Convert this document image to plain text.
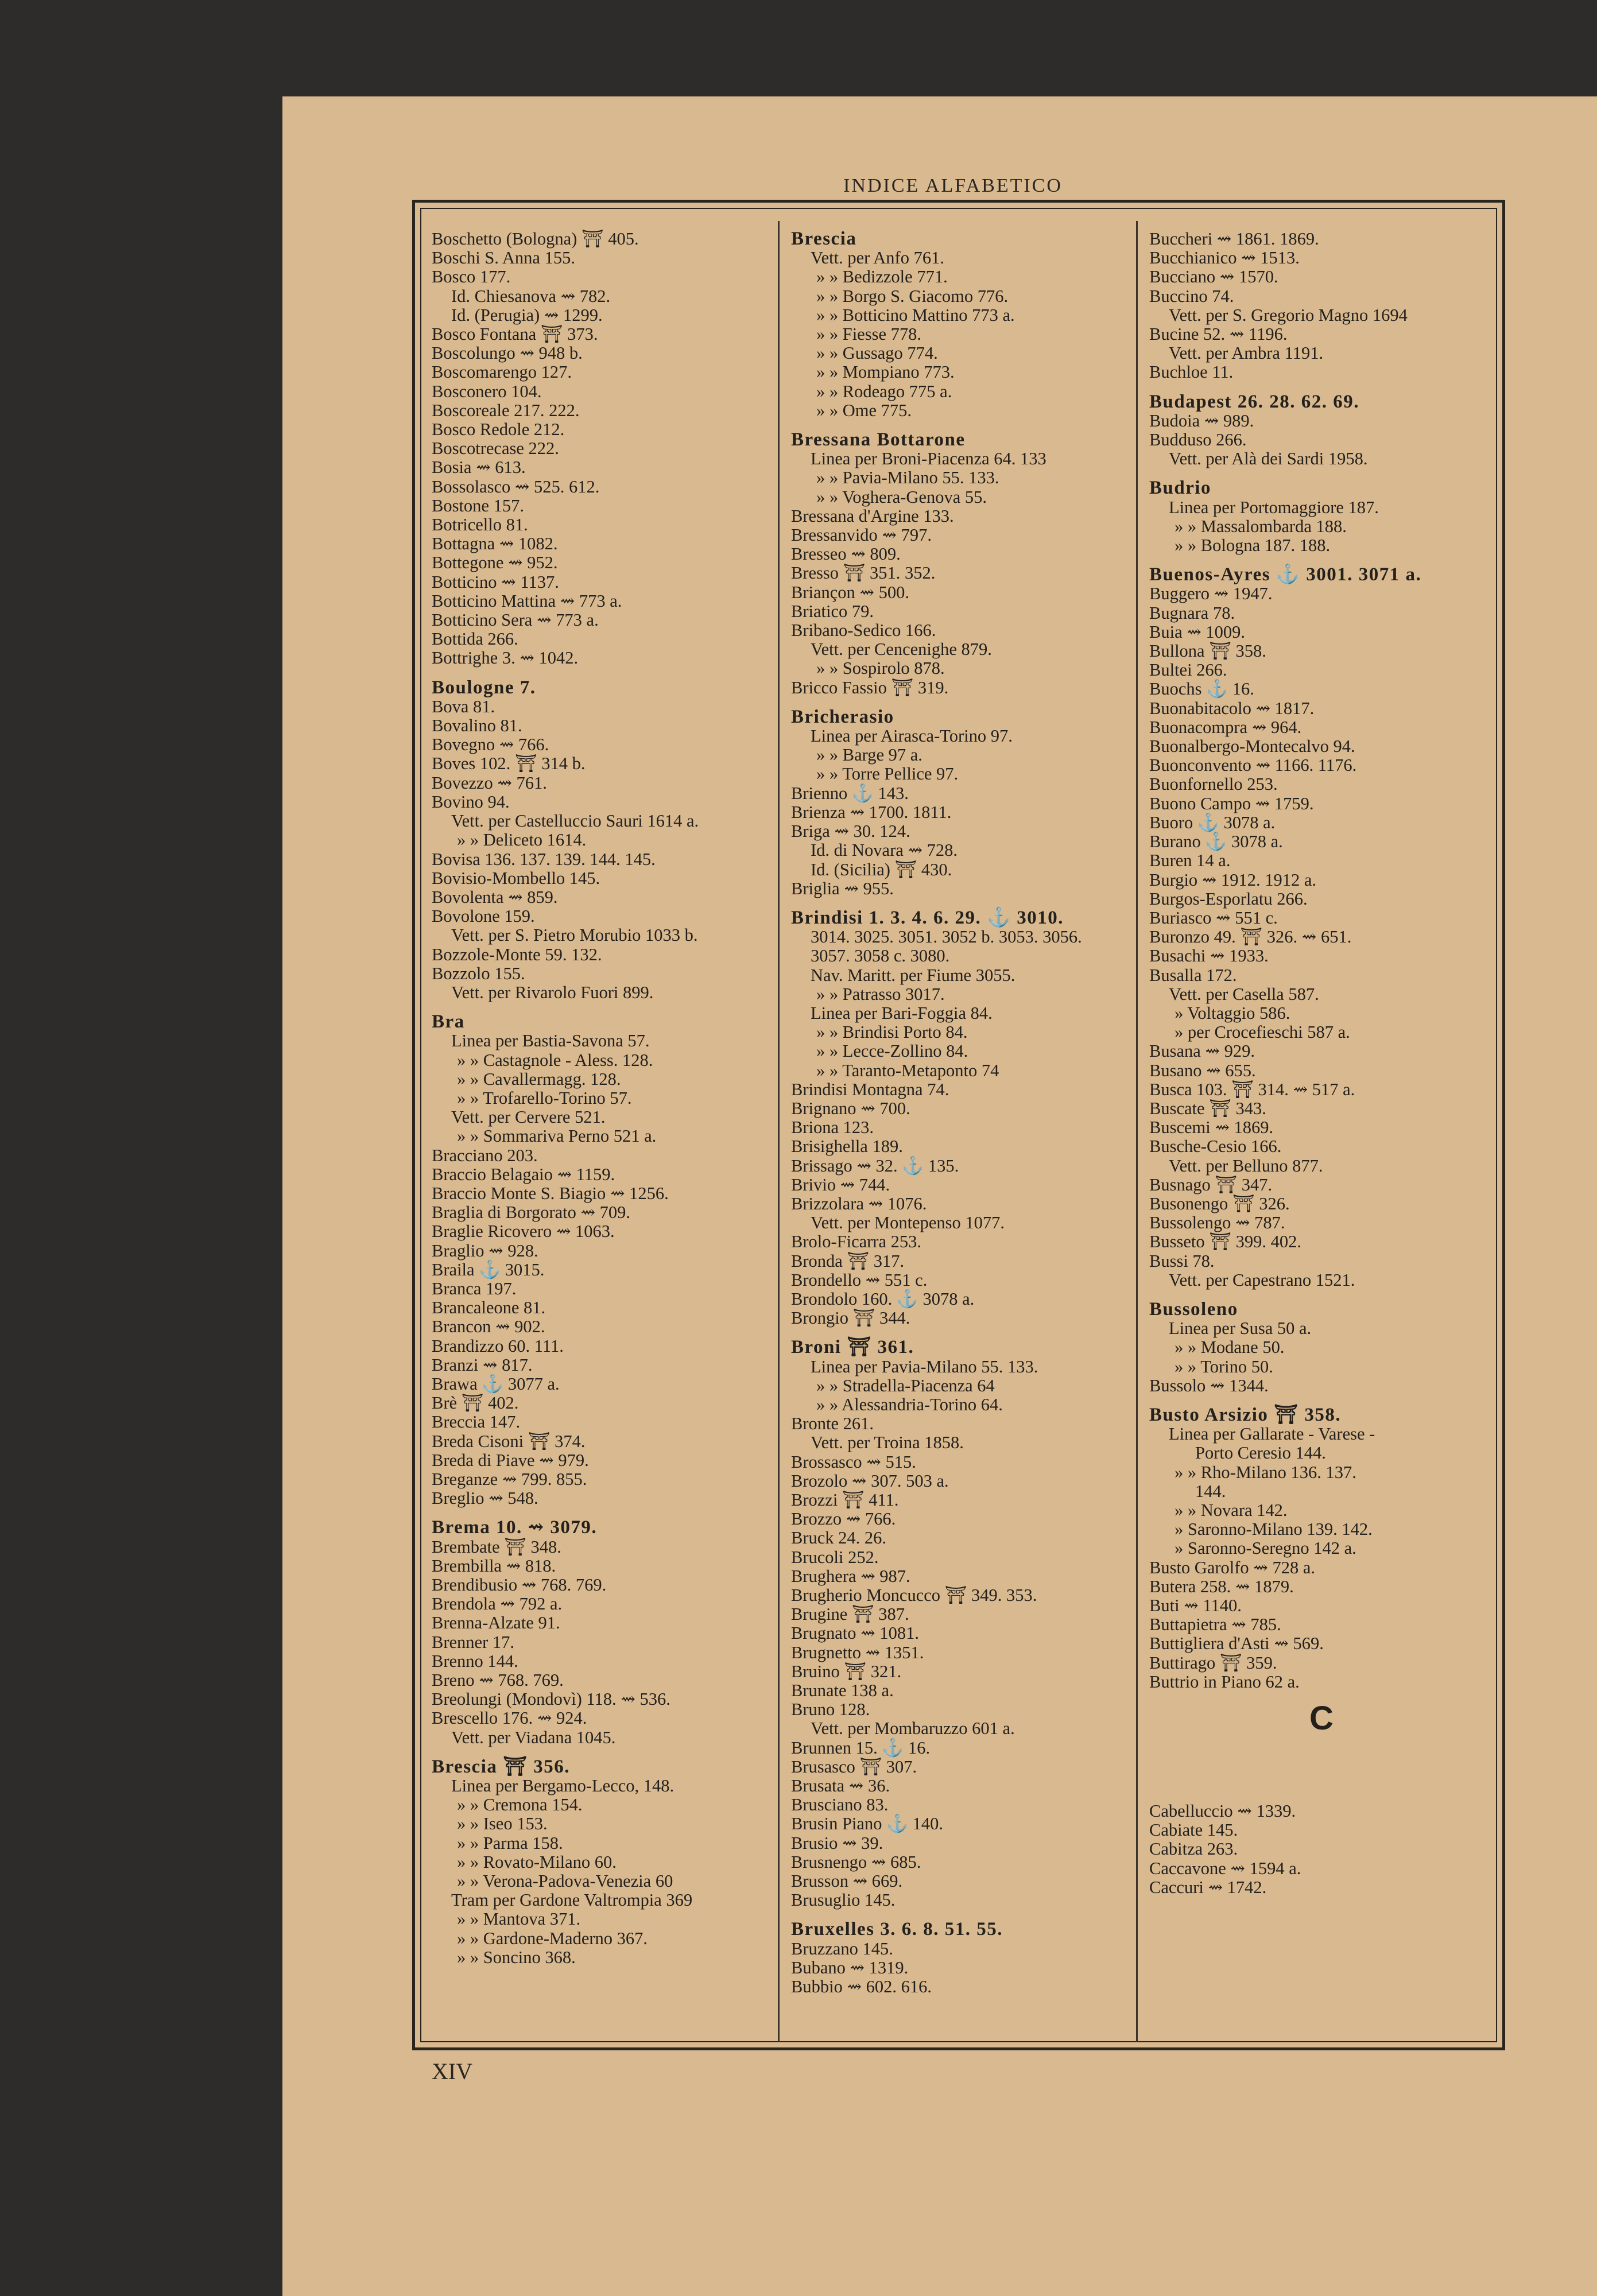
INDICE ALFABETICO
Boschetto (Bologna) ⛩ 405.
Boschi S. Anna 155.
Bosco 177.
Id. Chiesanova ⇝ 782.
Id. (Perugia) ⇝ 1299.
Bosco Fontana ⛩ 373.
Boscolungo ⇝ 948 b.
Boscomarengo 127.
Bosconero 104.
Boscoreale 217. 222.
Bosco Redole 212.
Boscotrecase 222.
Bosia ⇝ 613.
Bossolasco ⇝ 525. 612.
Bostone 157.
Botricello 81.
Bottagna ⇝ 1082.
Bottegone ⇝ 952.
Botticino ⇝ 1137.
Botticino Mattina ⇝ 773 a.
Botticino Sera ⇝ 773 a.
Bottida 266.
Bottrighe 3. ⇝ 1042.
Boulogne 7.
Bova 81.
Bovalino 81.
Bovegno ⇝ 766.
Boves 102. ⛩ 314 b.
Bovezzo ⇝ 761.
Bovino 94.
Vett. per Castelluccio Sauri 1614 a.
» » Deliceto 1614.
Bovisa 136. 137. 139. 144. 145.
Bovisio-Mombello 145.
Bovolenta ⇝ 859.
Bovolone 159.
Vett. per S. Pietro Morubio 1033 b.
Bozzole-Monte 59. 132.
Bozzolo 155.
Vett. per Rivarolo Fuori 899.
Bra
Linea per Bastia-Savona 57.
» » Castagnole - Aless. 128.
» » Cavallermagg. 128.
» » Trofarello-Torino 57.
Vett. per Cervere 521.
» » Sommariva Perno 521 a.
Bracciano 203.
Braccio Belagaio ⇝ 1159.
Braccio Monte S. Biagio ⇝ 1256.
Braglia di Borgorato ⇝ 709.
Braglie Ricovero ⇝ 1063.
Braglio ⇝ 928.
Braila ⚓ 3015.
Branca 197.
Brancaleone 81.
Brancon ⇝ 902.
Brandizzo 60. 111.
Branzi ⇝ 817.
Brawa ⚓ 3077 a.
Brè ⛩ 402.
Breccia 147.
Breda Cisoni ⛩ 374.
Breda di Piave ⇝ 979.
Breganze ⇝ 799. 855.
Breglio ⇝ 548.
Brema 10. ⇝ 3079.
Brembate ⛩ 348.
Brembilla ⇝ 818.
Brendibusio ⇝ 768. 769.
Brendola ⇝ 792 a.
Brenna-Alzate 91.
Brenner 17.
Brenno 144.
Breno ⇝ 768. 769.
Breolungi (Mondovì) 118. ⇝ 536.
Brescello 176. ⇝ 924.
Vett. per Viadana 1045.
Brescia ⛩ 356.
Linea per Bergamo-Lecco, 148.
» » Cremona 154.
» » Iseo 153.
» » Parma 158.
» » Rovato-Milano 60.
» » Verona-Padova-Venezia 60
Tram per Gardone Valtrompia 369
» » Mantova 371.
» » Gardone-Maderno 367.
» » Soncino 368.
Brescia
Vett. per Anfo 761.
» » Bedizzole 771.
» » Borgo S. Giacomo 776.
» » Botticino Mattino 773 a.
» » Fiesse 778.
» » Gussago 774.
» » Mompiano 773.
» » Rodeago 775 a.
» » Ome 775.
Bressana Bottarone
Linea per Broni-Piacenza 64. 133
» » Pavia-Milano 55. 133.
» » Voghera-Genova 55.
Bressana d'Argine 133.
Bressanvido ⇝ 797.
Bresseo ⇝ 809.
Bresso ⛩ 351. 352.
Briançon ⇝ 500.
Briatico 79.
Bribano-Sedico 166.
Vett. per Cencenighe 879.
» » Sospirolo 878.
Bricco Fassio ⛩ 319.
Bricherasio
Linea per Airasca-Torino 97.
» » Barge 97 a.
» » Torre Pellice 97.
Brienno ⚓ 143.
Brienza ⇝ 1700. 1811.
Briga ⇝ 30. 124.
Id. di Novara ⇝ 728.
Id. (Sicilia) ⛩ 430.
Briglia ⇝ 955.
Brindisi 1. 3. 4. 6. 29. ⚓ 3010.
3014. 3025. 3051. 3052 b. 3053. 3056.
3057. 3058 c. 3080.
Nav. Maritt. per Fiume 3055.
» » Patrasso 3017.
Linea per Bari-Foggia 84.
» » Brindisi Porto 84.
» » Lecce-Zollino 84.
» » Taranto-Metaponto 74
Brindisi Montagna 74.
Brignano ⇝ 700.
Briona 123.
Brisighella 189.
Brissago ⇝ 32. ⚓ 135.
Brivio ⇝ 744.
Brizzolara ⇝ 1076.
Vett. per Montepenso 1077.
Brolo-Ficarra 253.
Bronda ⛩ 317.
Brondello ⇝ 551 c.
Brondolo 160. ⚓ 3078 a.
Brongio ⛩ 344.
Broni ⛩ 361.
Linea per Pavia-Milano 55. 133.
» » Stradella-Piacenza 64
» » Alessandria-Torino 64.
Bronte 261.
Vett. per Troina 1858.
Brossasco ⇝ 515.
Brozolo ⇝ 307. 503 a.
Brozzi ⛩ 411.
Brozzo ⇝ 766.
Bruck 24. 26.
Brucoli 252.
Brughera ⇝ 987.
Brugherio Moncucco ⛩ 349. 353.
Brugine ⛩ 387.
Brugnato ⇝ 1081.
Brugnetto ⇝ 1351.
Bruino ⛩ 321.
Brunate 138 a.
Bruno 128.
Vett. per Mombaruzzo 601 a.
Brunnen 15. ⚓ 16.
Brusasco ⛩ 307.
Brusata ⇝ 36.
Brusciano 83.
Brusin Piano ⚓ 140.
Brusio ⇝ 39.
Brusnengo ⇝ 685.
Brusson ⇝ 669.
Brusuglio 145.
Bruxelles 3. 6. 8. 51. 55.
Bruzzano 145.
Bubano ⇝ 1319.
Bubbio ⇝ 602. 616.
Buccheri ⇝ 1861. 1869.
Bucchianico ⇝ 1513.
Bucciano ⇝ 1570.
Buccino 74.
Vett. per S. Gregorio Magno 1694
Bucine 52. ⇝ 1196.
Vett. per Ambra 1191.
Buchloe 11.
Budapest 26. 28. 62. 69.
Budoia ⇝ 989.
Budduso 266.
Vett. per Alà dei Sardi 1958.
Budrio
Linea per Portomaggiore 187.
» » Massalombarda 188.
» » Bologna 187. 188.
Buenos-Ayres ⚓ 3001. 3071 a.
Buggero ⇝ 1947.
Bugnara 78.
Buia ⇝ 1009.
Bullona ⛩ 358.
Bultei 266.
Buochs ⚓ 16.
Buonabitacolo ⇝ 1817.
Buonacompra ⇝ 964.
Buonalbergo-Montecalvo 94.
Buonconvento ⇝ 1166. 1176.
Buonfornello 253.
Buono Campo ⇝ 1759.
Buoro ⚓ 3078 a.
Burano ⚓ 3078 a.
Buren 14 a.
Burgio ⇝ 1912. 1912 a.
Burgos-Esporlatu 266.
Buriasco ⇝ 551 c.
Buronzo 49. ⛩ 326. ⇝ 651.
Busachi ⇝ 1933.
Busalla 172.
Vett. per Casella 587.
» Voltaggio 586.
» per Crocefieschi 587 a.
Busana ⇝ 929.
Busano ⇝ 655.
Busca 103. ⛩ 314. ⇝ 517 a.
Buscate ⛩ 343.
Buscemi ⇝ 1869.
Busche-Cesio 166.
Vett. per Belluno 877.
Busnago ⛩ 347.
Busonengo ⛩ 326.
Bussolengo ⇝ 787.
Busseto ⛩ 399. 402.
Bussi 78.
Vett. per Capestrano 1521.
Bussoleno
Linea per Susa 50 a.
» » Modane 50.
» » Torino 50.
Bussolo ⇝ 1344.
Busto Arsizio ⛩ 358.
Linea per Gallarate - Varese -
Porto Ceresio 144.
» » Rho-Milano 136. 137.
144.
» » Novara 142.
» Saronno-Milano 139. 142.
» Saronno-Seregno 142 a.
Busto Garolfo ⇝ 728 a.
Butera 258. ⇝ 1879.
Buti ⇝ 1140.
Buttapietra ⇝ 785.
Buttigliera d'Asti ⇝ 569.
Buttirago ⛩ 359.
Buttrio in Piano 62 a.
C
Cabelluccio ⇝ 1339.
Cabiate 145.
Cabitza 263.
Caccavone ⇝ 1594 a.
Caccuri ⇝ 1742.
XIV
